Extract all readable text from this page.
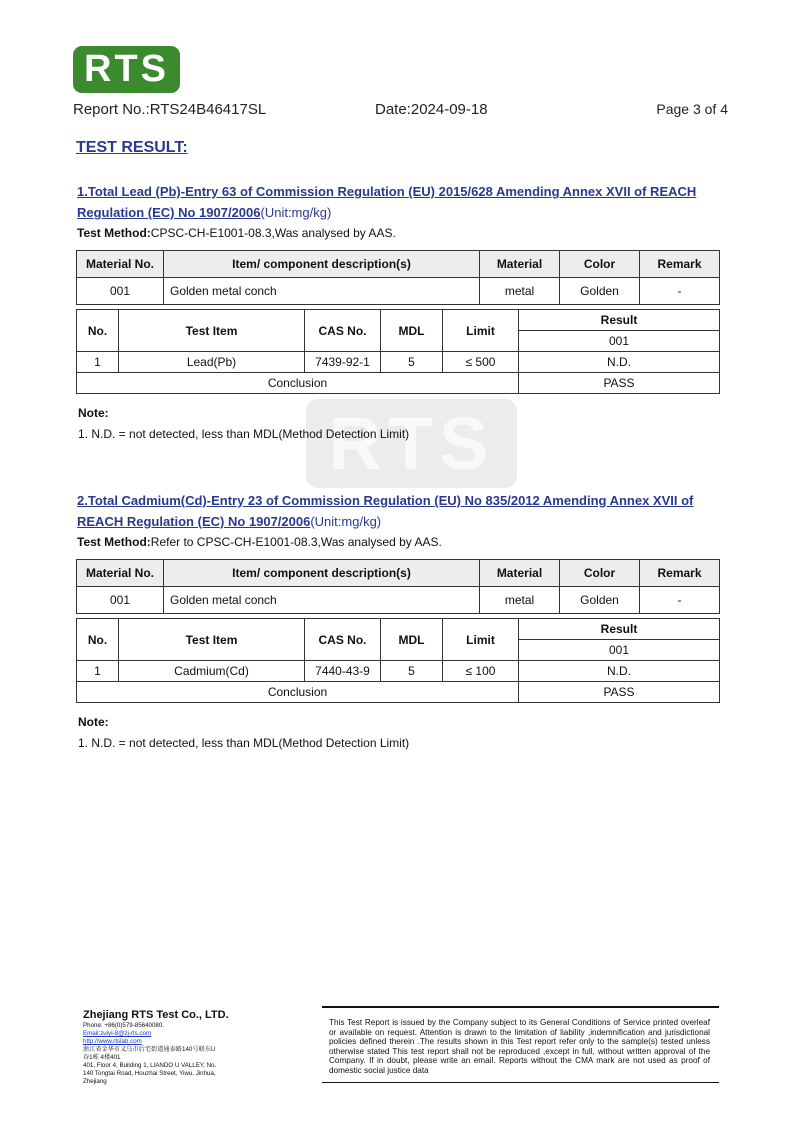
RTS
Report No.:RTS24B46417SL	Date:2024-09-18	Page 3 of 4
TEST RESULT:
RTS
1.Total Lead (Pb)-Entry 63 of Commission Regulation (EU) 2015/628 Amending Annex XVII of REACH
Regulation (EC) No 1907/2006(Unit:mg/kg)
Test Method:CPSC-CH-E1001-08.3,Was analysed by AAS.
Material No.	Item/ component description(s)	Material	Color	Remark
001	Golden metal conch	metal	Golden	-
No.	Test Item	CAS No.	MDL	Limit	Result
					001
1	Lead(Pb)	7439-92-1	5	≤ 500	N.D.
Conclusion					PASS
Note:
1. N.D. = not detected, less than MDL(Method Detection Limit)
2.Total Cadmium(Cd)-Entry 23 of Commission Regulation (EU) No 835/2012 Amending Annex XVII of
REACH Regulation (EC) No 1907/2006(Unit:mg/kg)
Test Method:Refer to CPSC-CH-E1001-08.3,Was analysed by AAS.
Material No.	Item/ component description(s)	Material	Color	Remark
001	Golden metal conch	metal	Golden	-
No.	Test Item	CAS No.	MDL	Limit	Result
					001
1	Cadmium(Cd)	7440-43-9	5	≤ 100	N.D.
Conclusion					PASS
Note:
1. N.D. = not detected, less than MDL(Method Detection Limit)
Zhejiang RTS Test Co., LTD.
Phone: +86(0)579-85640080.
Email:zuiyi-8@zj-rts.com
http://www.rtslab.com
浙江省金华市义乌市后宅街道通泰路140号联东U
谷1栋 4楼401
401, Floor 4, Building 1, LIANDO U VALLEY, No.
140 Tongtai Road, Houzhai Street, Yiwu, Jinhua,
Zhejiang
This Test Report is issued by the Company subject to its General Conditions of Service printed overleaf or available on request. Attention is drawn to the limitation of liability ,indemnification and jurisdictional policies defined therein .The results shown in this Test report refer only to the sample(s) tested unless otherwise stated This test report shall not be reproduced ,except in full, without written approval of the Company. If in doubt, please write an email. Reports without the CMA mark are not used as proof of domestic social justice data
